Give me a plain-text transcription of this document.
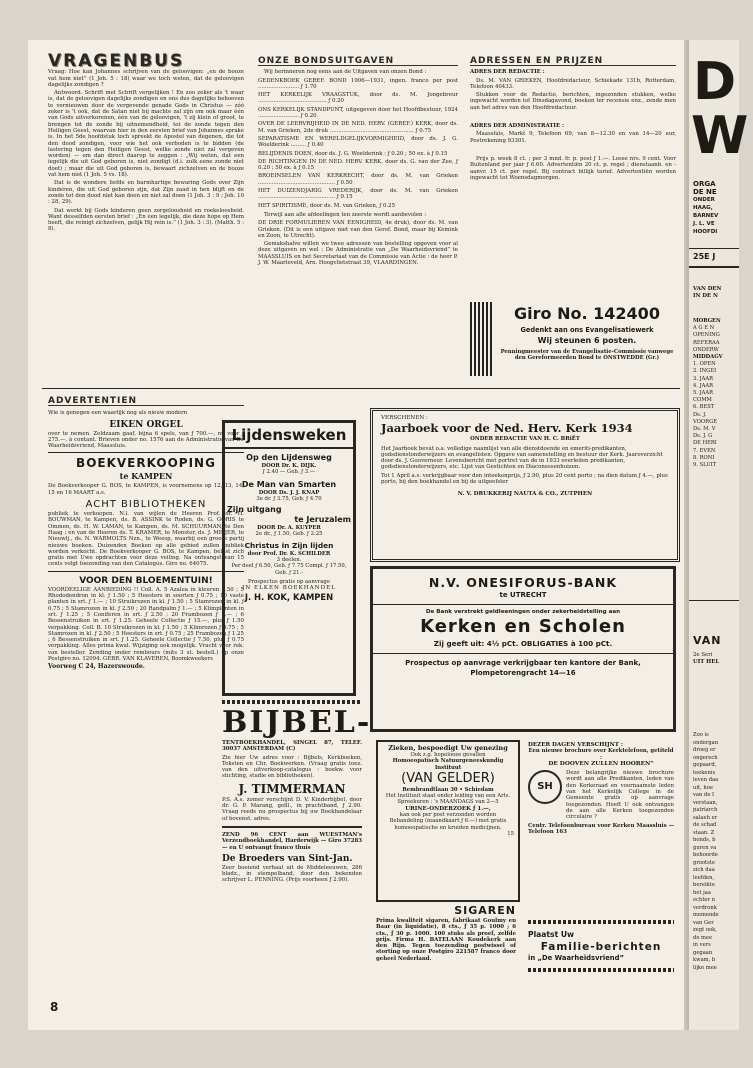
VRAGENBUS

Vraag: Hoe kan Johannes schrijven van de geloovigen: „en de booze vat hem niet” (1 Joh. 5 : 18) waar we toch weten, dat de geloovigen dagelijks zondigen ?

Antwoord. Schrift met Schrift vergelijken ! En zoo zeker als 't waar is, dat de geloovigen dagelijks zondigen en ons dus dagelijks behoeven te vernieuwen door de vergevende genade Gods in Christus — zóó zeker is 't ook, dat de Satan niet bij machte zal zijn om ook maar één van Gods uitverkorenen, één van de geloovigen, 't zij klein of groot, te brengen tot de zonde bij uitnemendheid, tot de zonde tegen den Heiligen Geest, waarvan hier in den eersten brief van Johannes sprake is. In het 5de hoofdstuk toch spreekt de Apostel van degenen, die tot den dood zondigen, voor wie het ook verboden is te bidden (de lastering tegen den Heiligen Geest, welke zonde niet zal vergeven worden) — om dan direct daarop te zeggen : „Wij weten, dat een iegelijk die uit God geboren is, niet zondigt (d.i. zulk eene zonde niet doet) ; maar die uit God geboren is, bewaart zichzelven en de booze vat hem niet (1 Joh. 5 vs. 18).

Dat is de wondere liefde en barmhartige bewaring Gods over Zijn kinderen, die uit God geboren zijn, dat Zijn zaad in hen blijft en de zonde tot den dood niet kan doen en niet zal doen (1 Joh. 3 : 9 ; Joh. 10 : 28, 29).

Dat werkt bij Gods kinderen geen zorgeloosheid en roekeloosheid. Want desselfden eersten brief : „En een iegelijk, die deze hope op Hem heeft, die reinigt zichzelven, gelijk Hij rein is.” (1 Joh. 3 : 3). (Matth. 5 : 8).

ONZE BONDSUITGAVEN

Wij herinneren nog eens aan de Uitgaven van onzen Bond :

GEDENKBOEK GEREF. BOND 1906—1931, ingen. franco per post ........................ ƒ 1.70

HET KERKELIJK VRAAGSTUK, door ds. M. Jongebreur ........................................ ƒ 0.20

ONS KERKELIJK STANDPUNT, uitgegeven door het Hoofdbestuur, 1924 ........................ ƒ 0.20

OVER DE LEERVRIJHEID IN DE NED. HERV. (GEREF.) KERK, door ds. M. van Grieken, 2de druk ................................................. ƒ 0.75

SEPARATISME EN WERELDGELIJKVORMIGHEID, door ds. J. G. Woelderink ......... ƒ 0.40

BELIJDENIS DOEN, door ds. J. G. Woelderink : ƒ 0.20 ; 50 ex. à ƒ 0.15

DE RICHTINGEN IN DE NED. HERV. KERK, door ds. G. van der Zee, ƒ 0.20 ; 50 ex. à ƒ 0.15

BROEINSELEN VAN KERKRECHT, door ds. M. van Grieken ............................................. ƒ 0.50

HET DUIZENDJARIG VREDERIJK, door ds. M. van Grieken ............................................. ƒ 0.15

HET SPIRITISME, door ds. M. van Grieken, ƒ 0.25

Terwijl aan alle afdeelingen ten zeerste wordt aanbevolen :

DE DRIE FORMULIEREN VAN EENIGHEID, 4e druk), door ds. M. van Grieken. (Dit is een uitgave niet van den Geref. Bond, maar bij Kemink en Zoon, te Utrecht).

Gemakshalve willen we twee adressen van bestelling opgeven voor al deze uitgaven en wel : De Administratie van „De Waarheidsvriend” te MAASSLUIS en het Secretariaat van de Commissie van Actie : de heer P. J. W. Maarleveld, Arn. Hoogvlietstraat 39, VLAARDINGEN.

ADRESSEN EN PRIJZEN

ADRES DER REDACTIE :

Ds. M. VAN GRIEKEN, Hoofdredacteur, Schiekade 131b, Rotterdam, Telefoon 40433.

Stukken voor de Redactie, berichten, ingezonden stukken, welke ingewacht worden tot Dinsdagavond, boeken ter recensie enz., zende men aan het adres van den Hoofdredacteur.

ADRES DER ADMINISTRATIE :

Maassluis, Markt 9, Telefoon 69, van 8—12.30 en van 14—20 uur, Postrekening 93301.

Prijs p. week 8 ct. ; per 3 mnd. fr. p. post ƒ 1.—. Losse nrs. 9 cent. Voor Buitenland per jaar ƒ 6.60. Advertentiën 20 ct. p. regel ; dienstaanb. en -aanvr. 15 ct. per regel. Bij contract billijk tarief. Advertentiën worden ingewacht tot Woensdagmorgen.

Giro No. 142400
Gedenkt aan ons Evangelisatiewerk
Wij steunen 6 posten.
Penningmeester van de Evangelisatie-Commissie vanwege den Gereformeerden Bond te ONSTWEDDE (Gr.)
ADVERTENTIEN

Wie is genegen een waarlijk nog als nieuw modern

EIKEN ORGEL

over te nemen. Zeldzaam gaaf, bijna 6 spels, van ƒ 700.—, nu voor ƒ 275.—, à contant. Brieven onder no. 1576 aan de Administratie van De Waarheidsvriend, Maassluis.

BOEKVERKOOPING
te KAMPEN

De Boekverkooper G. BOS, te KAMPEN, is voornemens op 12, 13, 14, 15 en 16 MAART a.s.

ACHT BIBLIOTHEKEN

publiek te verkoopen. N.l. van wijlen de Heeren Prof. dr. H. BOUWMAN, te Kampen, ds. B. ASSINK te Roden, ds. G. GORIS te Ommen, ds. H. W. LAMAN, te Kampen, ds. M. SCHUURMAN, te Den Haag ; en van de Heeren ds. T. KRAMER, te Monster, ds. J. MEIJER, te Nieuwlj., ds. N. WARMOLTS Nzn., te Weesp, waarbij een groote partij nieuwe boeken. Duizenden Boeken op alle gebied zullen publiek worden verkocht. De Boekverkooper G. BOS, te Kampen, belast zich gratis met Uwe opdrachten voor deze veiling. Na ontvangst van 15 cents volgt toezending van den Catalogus. Giro no. 64075.

VOOR DEN BLOEMENTUIN!

VOORDEELIGE AANBIEDING !! Coll. A. 5 Azalea in kleuren 1.50 ; 5 Rhododendron in kl. ƒ 1.50 ; 5 Heesters in soorten ƒ 0.75 ; 10 vaste planten in srt. ƒ 1.— ; 10 Struikrozen in kl. ƒ 1.50 ; 5 Stamrozen in kl. ƒ 0.75 ; 5 Stamrozen in kl. ƒ 2.50 ; 20 Randpalm ƒ 1.— ; 5 Klimplanten in srt. ƒ 1.25 ; 5 Coniferen in srt. ƒ 2.50 ; 20 Frambozen ƒ 1.— ; 6 Bessenstruiken in srt. ƒ 1.25. Geheele Collectie ƒ 15.—, plus ƒ 1.50 verpakking. Coll. B. 10 Struikrozen in kl. ƒ 1.50 ; 5 Klimrozen ƒ 0.75 ; 5 Stamrozen in kl. ƒ 2.50 ; 5 Heesters in srt. ƒ 0.75 ; 25 Frambozen ƒ 1.25 ; 6 Bessenstruiken in srt. ƒ 1.25. Geheele Collectie ƒ 7.50, plus ƒ 0.75 verpakking. Alles prima kwal. Wijziging ook mogelijk. Vracht voor rek. van besteller. Zending onder rembours (mits 3 st. bestell.) op onze Postgiro no. 12094. GEBR. VAN KLAVEREN, Boomkweekers

Voorweg C 24, Hazerswoude.

8
Lijdensweken
Op den Lijdensweg
DOOR Dr. K. DIJK.
ƒ 2.40 — Geb. ƒ 3.—
De Man van Smarten
DOOR Ds. J. J. KNAP
3e dr. ƒ 3.75, Geb. ƒ 4.70
Zijn uitgang
te Jeruzalem
DOOR Dr. A. KUYPER
2e dr., ƒ 1.50, Geb. ƒ 2.25
Christus in Zijn lijden
door Prof. Dr. K. SCHILDER
3 deelen.
Per deel ƒ 6.50, Geb. ƒ 7.75 Compl. ƒ 17.50, Geb. ƒ 21.-
Prospectus gratis op aanvrage
IN ELKEN BOEKHANDEL
J. H. KOK, KAMPEN
BIJBEL-

TENTBOEKHANDEL, SINGEL 87, TELEF. 30037 AMSTERDAM (C)

Zie hier Uw adres voor : Bijbels, Kerkboeken, Teksten en Chr. Boekwerken. (Vraag gratis toez. van den uitverkoop-catalogus : boekw. voor stichting, studie en bibliotheken).

J. TIMMERMAN

P.S. A.s. zomer verschijnt D. V. Kinderbijbel, door dr. G. P. Marang, geïll., in prachtband, ƒ 2.90. Vraag reeds nu prospectus bij uw Boekhandelaar of bovenst. adres.

ZEND 96 CENT aan WUESTMAN's Verzendboekhandel, Harderwijk — Giro 37283 — en U ontvangt franco thuis

De Broeders van Sint-Jan.

Zeer boeiend verhaal uit de Middeleeuwen, 286 bladz., in stempelband, door den bekenden schrijver L. PENNING. (Prijs voorheen ƒ 2.90).

VERSCHENEN :
Jaarboek voor de Ned. Herv. Kerk 1934
ONDER REDACTIE VAN H. C. BRiËT

Het Jaarboek bevat o.a. volledige naamlijst van alle dienstdoende en emeriti-predikanten, godsdienstonderwijzers en evangelisten. Opgave van samenstelling en bestuur der Kerk. Jaaroverzicht door ds. J. Gouverneur. Levensbericht met portret van de in 1933 overleden predikanten, godsdienstonderwijzers, etc. Lijst van Gestichten en Diaconessenhuizen.

Tot 1 April a.s. verkrijgbaar voor den inteekenprijs, ƒ 2.90, plus 20 cent porto ; na dien datum ƒ 4.—, plus porto, bij den boekhandel en bij de uitgeefster

N. V. DRUKKERIJ NAUTA & CO., ZUTPHEN
N.V. ONESIFORUS-BANK
te UTRECHT
De Bank verstrekt geldleeningen onder zekerheidstelling aan
Kerken en Scholen
Zij geeft uit: 4½ pCt. OBLIGATIES à 100 pCt.
Prospectus op aanvrage verkrijgbaar ten kantore der Bank, Plompetorengracht 14—16
Zieken, bespoedigt Uw genezing
Ook z.g. hopelooze gevallen
Homoeopatisch Natuurgeneeskundig Instituut
(VAN GELDER)
Rembrandtlaan 30 • Schiedam
Het Instituut staat onder leiding van een Arts.
Spreekuren : 's MAANDAGS van 2—5
URINE-ONDERZOEK ƒ 1.—,
kan ook per post verzonden worden
Behandeling (maandkaart ƒ 6.—) met gratis homoeopatische en kruiden medicijnen.
15
SIGAREN

Prima kwaliteit sigaren, fabrikaat Goulmy en Baar (in liquidatie), 8 cts., ƒ 35 p. 1000 ; 6 cts., ƒ 30 p. 1000. 100 stuks als proef, zelfde prijs. Firma H. BATELAAN Koudekerk aan den Rijn. Tegen toezending postwissel of storting op onze Postgiro 221587 franco door geheel Nederland.

DEZER DAGEN VERSCHIJNT :
Een nieuwe brochure over Kerktelefoon, getiteld :
DE DOOVEN ZULLEN HOOREN”
SH

Deze belangrijke nieuwe brochure wordt aan alle Predikanten, leden van den Kerkeraad en voornaamste leden van het Kerkelijk College in de Gemeente gratis op aanvrage toegezonden. Heeft U ook ontvangen de aan alle Kerken toegezonden circulaire ?

Centr. Telefoonbureau voor Kerken Maassluis — Telefoon 163

Plaatst Uw
Familie-berichten
in „De Waarheidsvriend”
D
W
ORGA
DE NE
ONDER
HAAG,
BARNEV
J. L. VE
HOOFDI
25E J
VAN DEN
IN DE N
MORGEN
A G E N
OPENING
REFERAA
ONDERW
MIDDAGV
1. OPEN
2. INGEI
3. JAAR
4. JAAR
5. JAAR
COMM
6. BEST
Ds. J.
VOORGE
Ds. M. V
Ds. J. G
DE HERI
7. EVEN
8. RONI
9. SLUIT
VAN
2e Seri
UIT HEL
Zoo is
ondergan
droeg er
ongerech
gepaard,
teekenis
leven daa
uit, hoe
van de I
verstaan,
patriarch
salaeh er
de schad
staan. Z
bonds, b
guren va
behoorde
grootste
zich daa
leefden,
bereikte
het jaa
echter n
verdronk
memende
van Ger
zegt ook,
de mee
in vers
gegaan
kwam, b
lijke mee
